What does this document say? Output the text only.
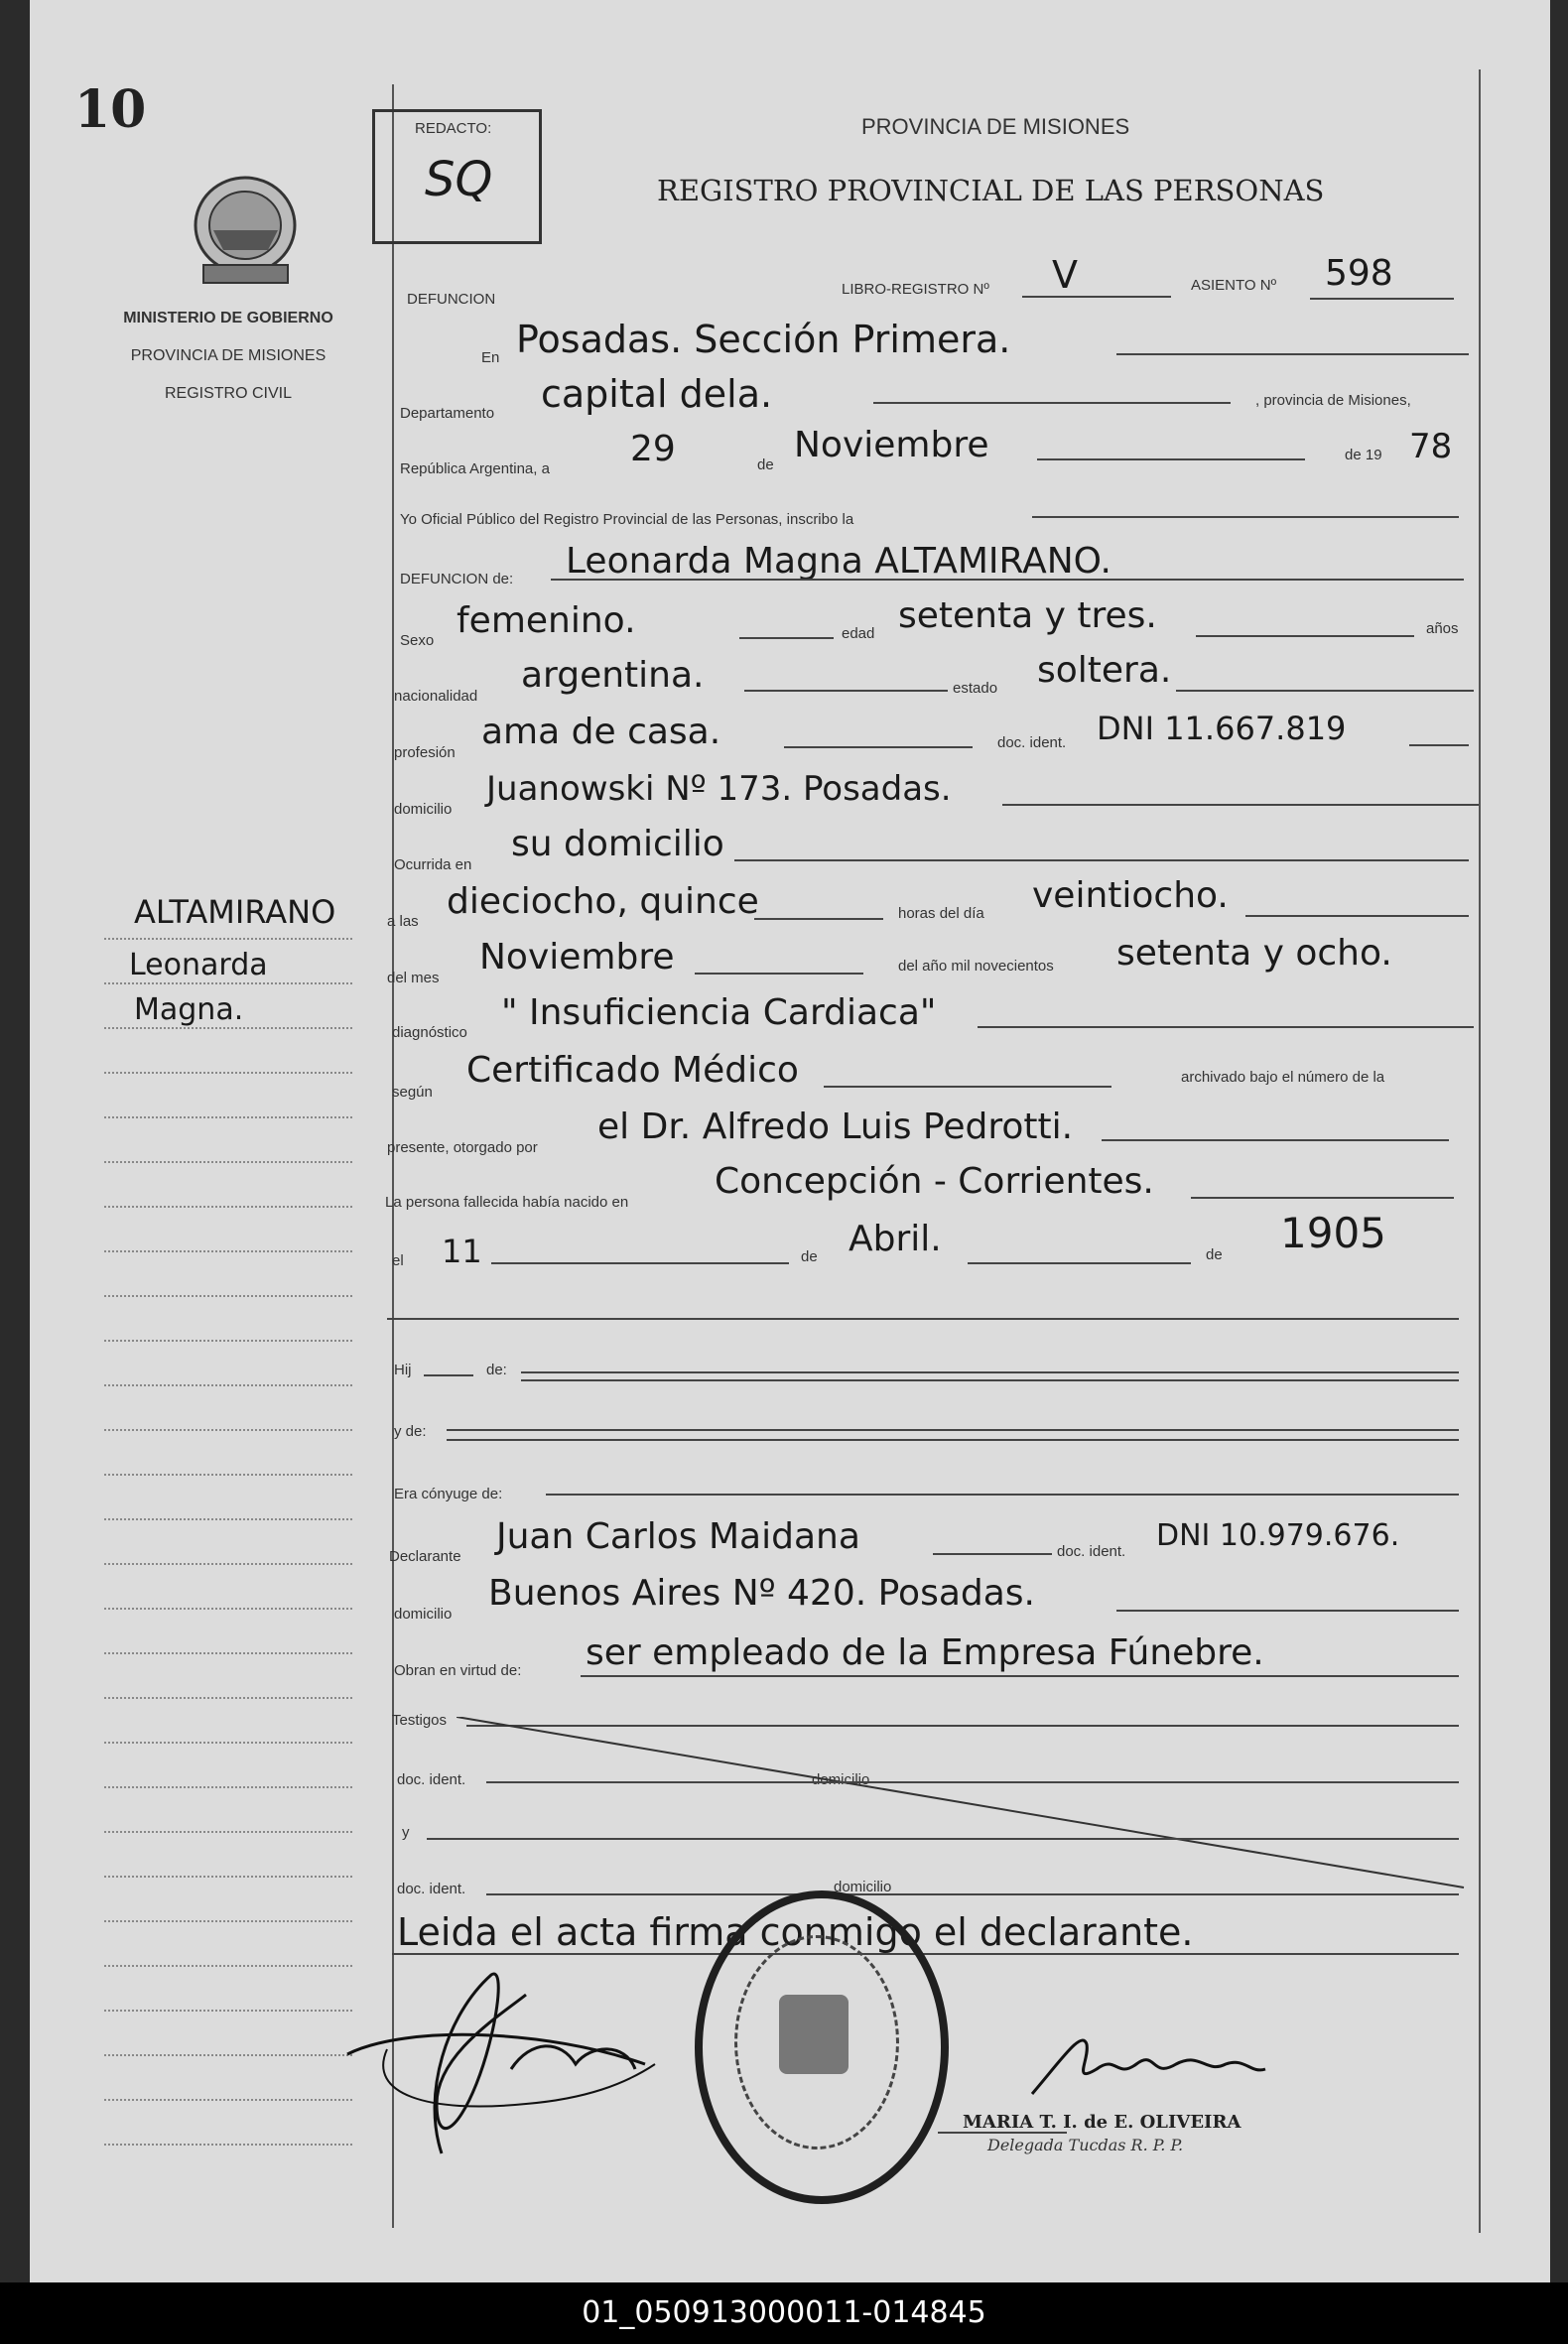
10
MINISTERIO DE GOBIERNO
PROVINCIA DE MISIONES
REGISTRO CIVIL
ALTAMIRANO
Leonarda
Magna.
REDACTO:
SQ
PROVINCIA DE MISIONES
REGISTRO PROVINCIAL DE LAS PERSONAS
DEFUNCION
LIBRO-REGISTRO Nº V	ASIENTO Nº 598
En Posadas. Sección Primera.
Departamento capital dela.	, provincia de Misiones,
República Argentina, a 29	de Noviembre	de 19 78
Yo Oficial Público del Registro Provincial de las Personas, inscribo la
DEFUNCION de: Leonarda Magna ALTAMIRANO.
Sexo femenino.	edad setenta y tres.	años
nacionalidad
argentina.	estado soltera.
profesión
ama de casa.	doc. ident. DNI 11.667.819
domicilio
Juanowski Nº 173. Posadas.
Ocurrida en
su domicilio
a las dieciocho, quince	horas del día veintiocho.
del mes
Noviembre	del año mil novecientos setenta y ocho.
diagnóstico " Insuficiencia Cardiaca"
según
Certificado Médico	archivado bajo el número de la
presente, otorgado por
el Dr. Alfredo Luis Pedrotti.
La persona fallecida había nacido en
Concepción - Corrientes.
el 11	de Abril.	de 1905
Hij	de:
y de:
Era cónyuge de:
Declarante Juan Carlos Maidana	doc. ident. DNI 10.979.676.
domicilio
Buenos Aires Nº 420. Posadas.
Obran en virtud de: ser empleado de la Empresa Fúnebre.
Testigos
doc. ident.	domicilio
y
doc. ident.	domicilio
Leida el acta firma conmigo el declarante.
MARIA T. I. de E. OLIVEIRA
Delegada Tucdas R. P. P.
01_050913000011-014845
